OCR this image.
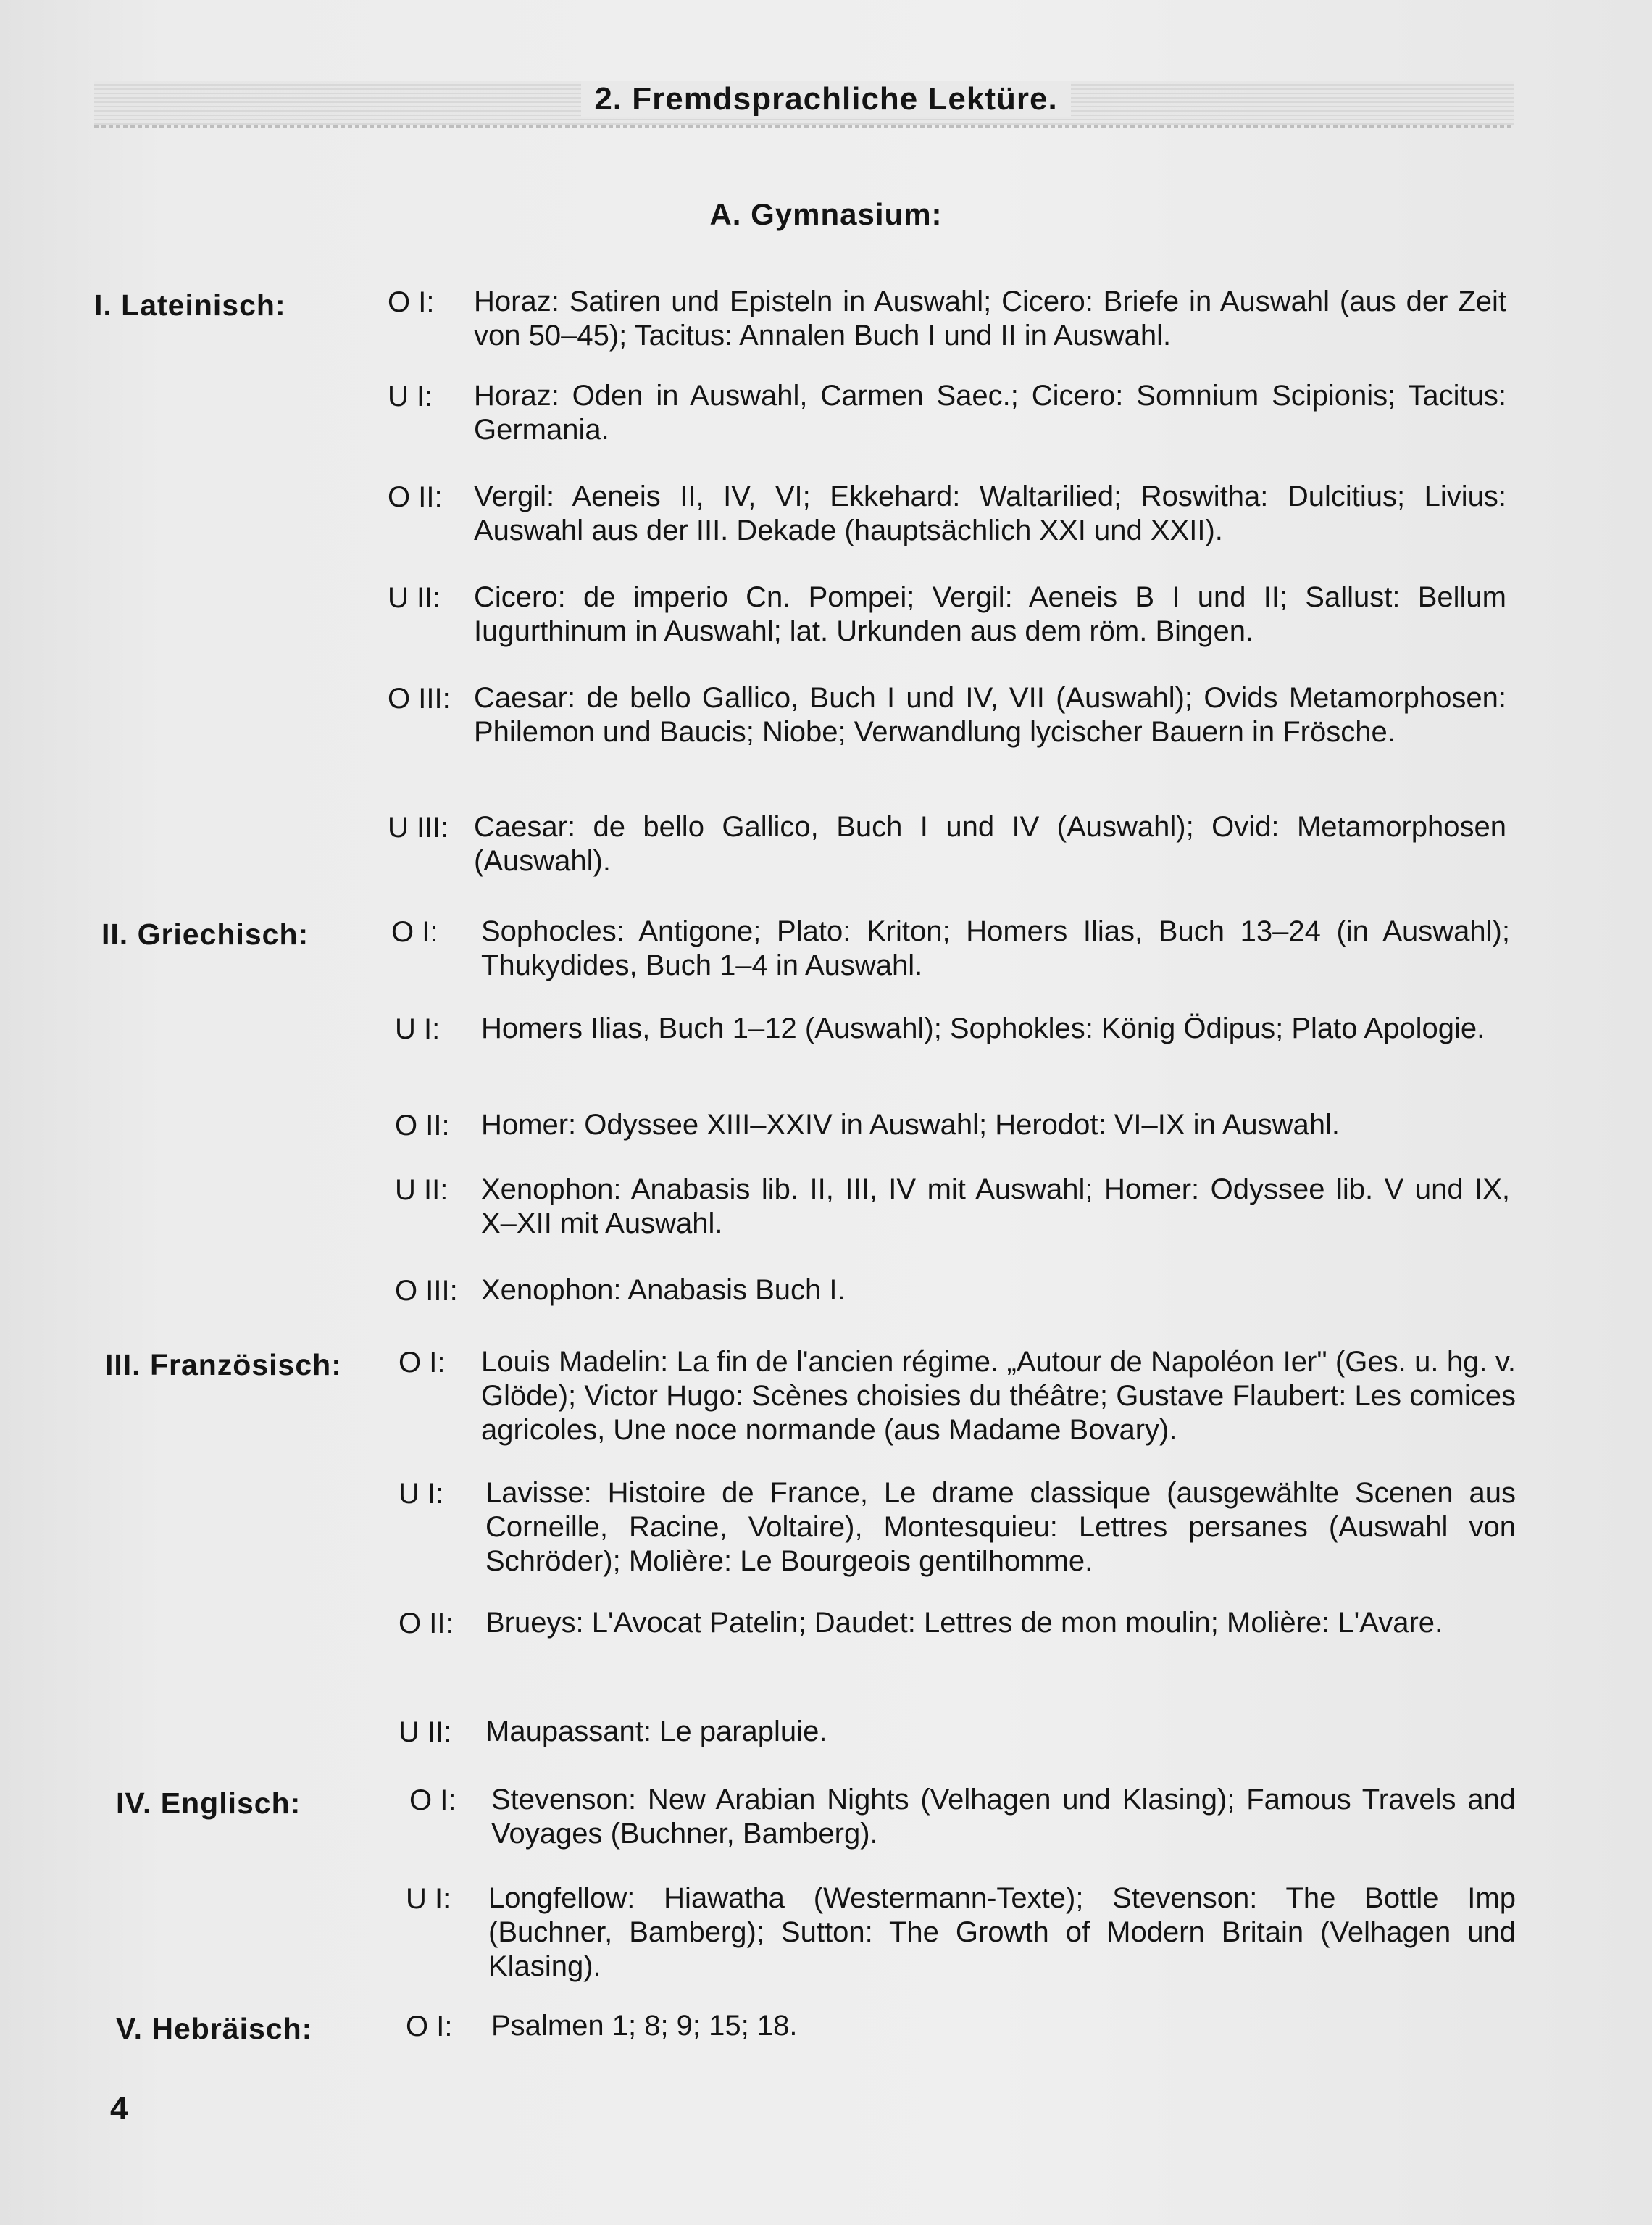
2. Fremdsprachliche Lektüre.
A. Gymnasium:
I. Lateinisch:	O I: Horaz: Satiren und Episteln in Auswahl; Cicero: Briefe in Auswahl (aus der Zeit von 50–45); Tacitus: Annalen Buch I und II in Auswahl.
U I: Horaz: Oden in Auswahl, Carmen Saec.; Cicero: Somnium Scipionis; Tacitus: Germania.
O II: Vergil: Aeneis II, IV, VI; Ekkehard: Waltarilied; Roswitha: Dulcitius; Livius: Auswahl aus der III. Dekade (hauptsächlich XXI und XXII).
U II: Cicero: de imperio Cn. Pompei; Vergil: Aeneis B I und II; Sallust: Bellum Iugurthinum in Auswahl; lat. Urkunden aus dem röm. Bingen.
O III: Caesar: de bello Gallico, Buch I und IV, VII (Auswahl); Ovids Metamorphosen: Philemon und Baucis; Niobe; Verwandlung lycischer Bauern in Frösche.
U III: Caesar: de bello Gallico, Buch I und IV (Auswahl); Ovid: Metamorphosen (Auswahl).
II. Griechisch:	O I: Sophocles: Antigone; Plato: Kriton; Homers Ilias, Buch 13–24 (in Auswahl); Thukydides, Buch 1–4 in Auswahl.
U I: Homers Ilias, Buch 1–12 (Auswahl); Sophokles: König Ödipus; Plato Apologie.
O II: Homer: Odyssee XIII–XXIV in Auswahl; Herodot: VI–IX in Auswahl.
U II: Xenophon: Anabasis lib. II, III, IV mit Auswahl; Homer: Odyssee lib. V und IX, X–XII mit Auswahl.
O III: Xenophon: Anabasis Buch I.
III. Französisch: O I: Louis Madelin: La fin de l'ancien régime. „Autour de Napoléon Ier" (Ges. u. hg. v. Glöde); Victor Hugo: Scènes choisies du théâtre; Gustave Flaubert: Les comices agricoles, Une noce normande (aus Madame Bovary).
U I: Lavisse: Histoire de France, Le drame classique (ausgewählte Scenen aus Corneille, Racine, Voltaire), Montesquieu: Lettres persanes (Auswahl von Schröder); Molière: Le Bourgeois gentilhomme.
O II: Brueys: L'Avocat Patelin; Daudet: Lettres de mon moulin; Molière: L'Avare.
U II: Maupassant: Le parapluie.
IV. Englisch:	O I: Stevenson: New Arabian Nights (Velhagen und Klasing); Famous Travels and Voyages (Buchner, Bamberg).
U I: Longfellow: Hiawatha (Westermann-Texte); Stevenson: The Bottle Imp (Buchner, Bamberg); Sutton: The Growth of Modern Britain (Velhagen und Klasing).
V. Hebräisch:	O I: Psalmen 1; 8; 9; 15; 18.
4
